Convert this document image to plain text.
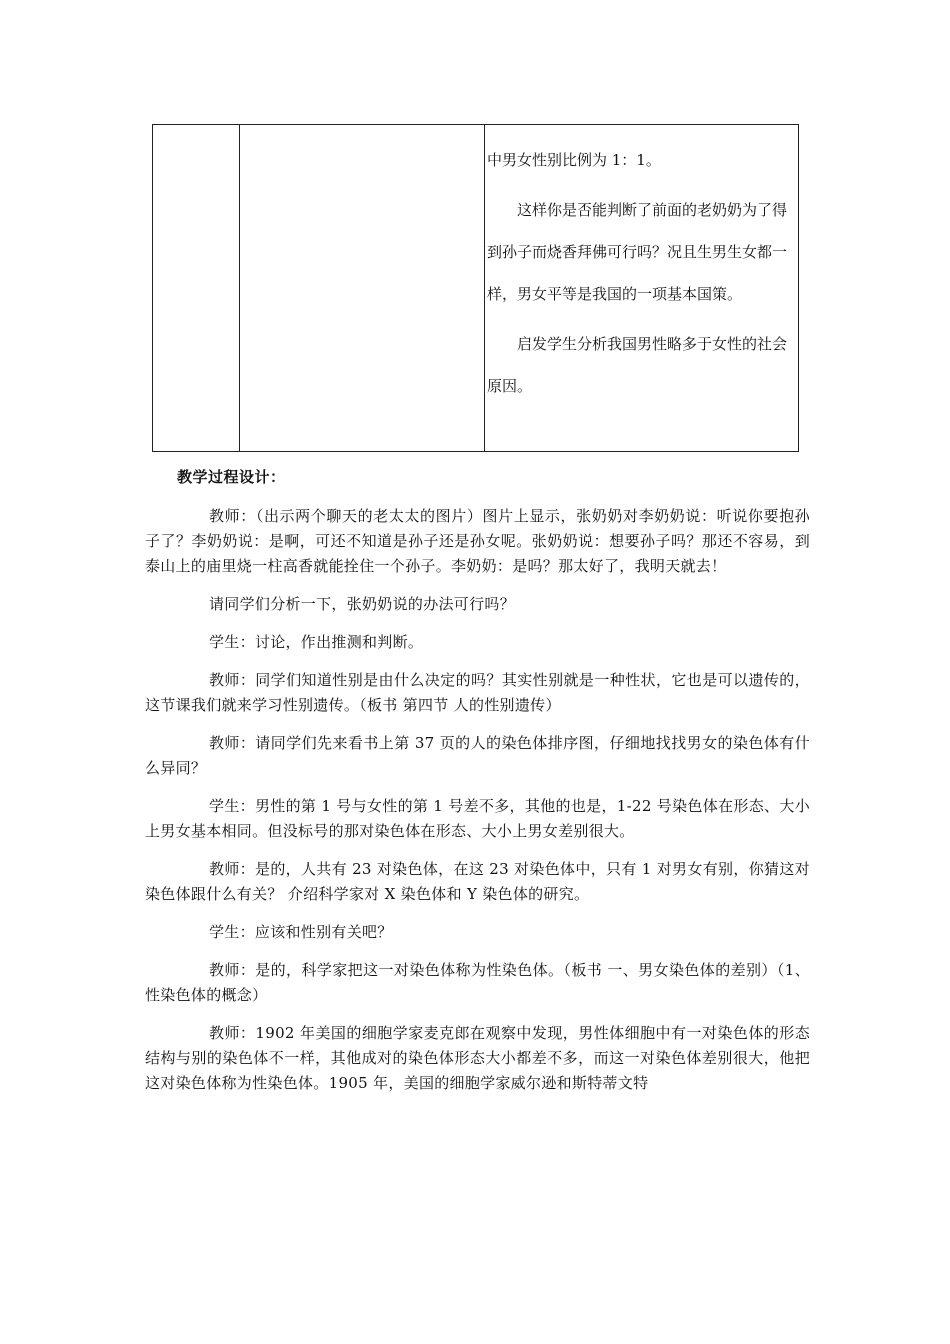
中男女性别比例为 1：1。

这样你是否能判断了前面的老奶奶为了得到孙子而烧香拜佛可行吗？况且生男生女都一样，男女平等是我国的一项基本国策。

启发学生分析我国男性略多于女性的社会原因。

教学过程设计：

教师：（出示两个聊天的老太太的图片）图片上显示，张奶奶对李奶奶说：听说你要抱孙子了？李奶奶说：是啊，可还不知道是孙子还是孙女呢。张奶奶说：想要孙子吗？那还不容易，到泰山上的庙里烧一柱高香就能拴住一个孙子。李奶奶：是吗？那太好了，我明天就去！

请同学们分析一下，张奶奶说的办法可行吗？

学生：讨论，作出推测和判断。

教师：同学们知道性别是由什么决定的吗？其实性别就是一种性状，它也是可以遗传的，这节课我们就来学习性别遗传。（板书 第四节 人的性别遗传）

教师：请同学们先来看书上第 37 页的人的染色体排序图，仔细地找找男女的染色体有什么异同？

学生：男性的第 1 号与女性的第 1 号差不多，其他的也是，1-22 号染色体在形态、大小上男女基本相同。但没标号的那对染色体在形态、大小上男女差别很大。

教师：是的，人共有 23 对染色体，在这 23 对染色体中，只有 1 对男女有别，你猜这对染色体跟什么有关？ 介绍科学家对 X 染色体和 Y 染色体的研究。

学生：应该和性别有关吧？

教师：是的，科学家把这一对染色体称为性染色体。（板书 一、男女染色体的差别）（1、性染色体的概念）

教师：1902 年美国的细胞学家麦克郎在观察中发现，男性体细胞中有一对染色体的形态结构与别的染色体不一样，其他成对的染色体形态大小都差不多，而这一对染色体差别很大，他把这对染色体称为性染色体。1905 年，美国的细胞学家威尔逊和斯特蒂文特
